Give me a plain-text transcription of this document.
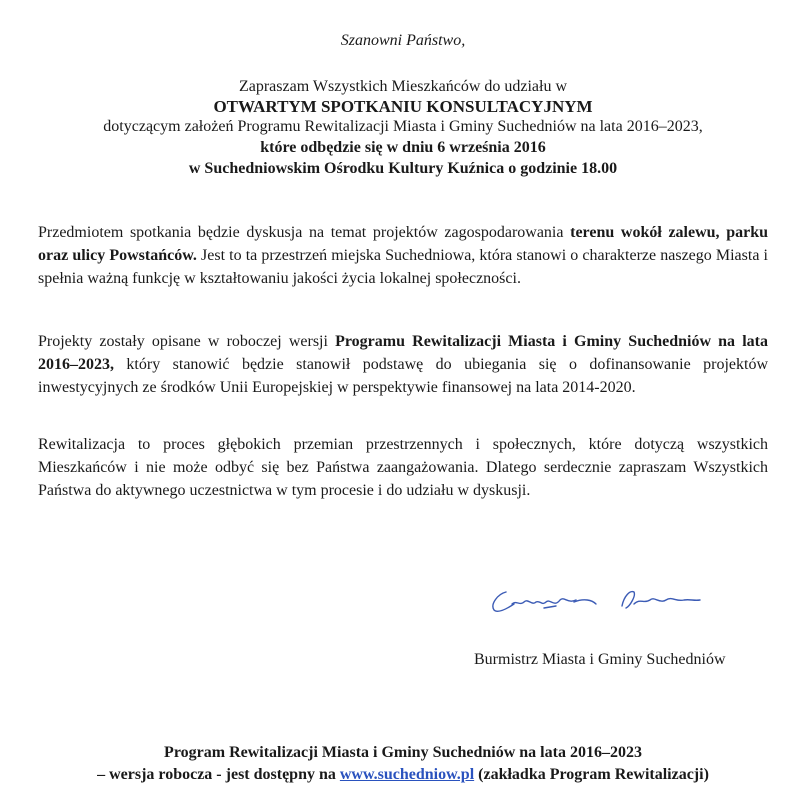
Szanowni Państwo,
Zapraszam Wszystkich Mieszkańców do udziału w
OTWARTYM SPOTKANIU KONSULTACYJNYM
dotyczącym założeń Programu Rewitalizacji Miasta i Gminy Suchedniów na lata 2016–2023,
które odbędzie się w dniu 6 września 2016
w Suchedniowskim Ośrodku Kultury Kuźnica o godzinie 18.00
Przedmiotem spotkania będzie dyskusja na temat projektów zagospodarowania terenu wokół zalewu, parku oraz ulicy Powstańców. Jest to ta przestrzeń miejska Suchedniowa, która stanowi o charakterze naszego Miasta i spełnia ważną funkcję w kształtowaniu jakości życia lokalnej społeczności.
Projekty zostały opisane w roboczej wersji Programu Rewitalizacji Miasta i Gminy Suchedniów na lata 2016–2023, który stanowić będzie stanowił podstawę do ubiegania się o dofinansowanie projektów inwestycyjnych ze środków Unii Europejskiej w perspektywie finansowej na lata 2014-2020.
Rewitalizacja to proces głębokich przemian przestrzennych i społecznych, które dotyczą wszystkich Mieszkańców i nie może odbyć się bez Państwa zaangażowania. Dlatego serdecznie zapraszam Wszystkich Państwa do aktywnego uczestnictwa w tym procesie i do udziału w dyskusji.
Burmistrz Miasta i Gminy Suchedniów
Program Rewitalizacji Miasta i Gminy Suchedniów na lata 2016–2023
– wersja robocza - jest dostępny na www.suchedniow.pl (zakładka Program Rewitalizacji)
